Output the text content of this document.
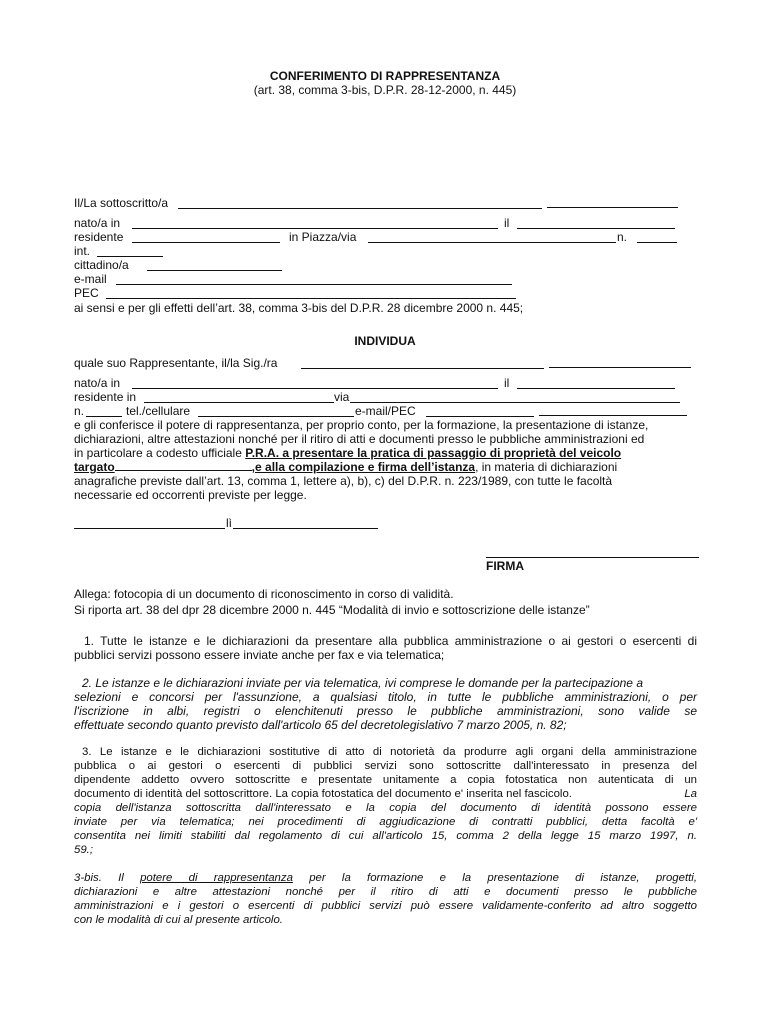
CONFERIMENTO DI RAPPRESENTANZA
(art. 38, comma 3-bis, D.P.R. 28-12-2000, n. 445)
Il/La sottoscritto/a
nato/a in	il
residente	in Piazza/via	n.
int.
cittadino/a
e-mail
PEC
ai sensi e per gli effetti dell’art. 38, comma 3-bis del D.P.R. 28 dicembre 2000 n. 445;
INDIVIDUA
quale suo Rappresentante, il/la Sig./ra
nato/a in	il
residente in	via
n.	tel./cellulare	e-mail/PEC
e gli conferisce il potere di rappresentanza, per proprio conto, per la formazione, la presentazione di istanze,
dichiarazioni, altre attestazioni nonché per il ritiro di atti e documenti presso le pubbliche amministrazioni ed
in particolare a codesto ufficiale P.R.A. a presentare la pratica di passaggio di proprietà del veicolo
targato	,e alla compilazione e firma dell’istanza, in materia di dichiarazioni
anagrafiche previste dall’art. 13, comma 1, lettere a), b), c) del D.P.R. n. 223/1989, con tutte le facoltà
necessarie ed occorrenti previste per legge.
lì
FIRMA
Allega: fotocopia di un documento di riconoscimento in corso di validità.
Si riporta art. 38 del dpr 28 dicembre 2000 n. 445 “Modalità di invio e sottoscrizione delle istanze”
1. Tutte le istanze e le dichiarazioni da presentare alla pubblica amministrazione o ai gestori o esercenti di
pubblici servizi possono essere inviate anche per fax e via telematica;
2. Le istanze e le dichiarazioni inviate per via telematica, ivi comprese le domande per la partecipazione a
selezioni e concorsi per l'assunzione, a qualsiasi titolo, in tutte le pubbliche amministrazioni, o per
l'iscrizione in albi, registri o elenchitenuti presso le pubbliche amministrazioni, sono valide se
effettuate secondo quanto previsto dall'articolo 65 del decretolegislativo 7 marzo 2005, n. 82;
3. Le istanze e le dichiarazioni sostitutive di atto di notorietà da produrre agli organi della amministrazione
pubblica o ai gestori o esercenti di pubblici servizi sono sottoscritte dall'interessato in presenza del
dipendente addetto ovvero sottoscritte e presentate unitamente a copia fotostatica non autenticata di un
documento di identità del sottoscrittore. La copia fotostatica del documento e' inserita nel fascicolo.	La
copia dell'istanza sottoscritta dall'interessato e la copia del documento di identità possono essere
inviate per via telematica; nei procedimenti di aggiudicazione di contratti pubblici, detta facoltà e'
consentita nei limiti stabiliti dal regolamento di cui all'articolo 15, comma 2 della legge 15 marzo 1997, n.
59.;
3-bis. Il potere di rappresentanza per la formazione e la presentazione di istanze, progetti,
dichiarazioni e altre attestazioni nonché per il ritiro di atti e documenti presso le pubbliche
amministrazioni e i gestori o esercenti di pubblici servizi può essere validamente-conferito ad altro soggetto
con le modalità di cui al presente articolo.
